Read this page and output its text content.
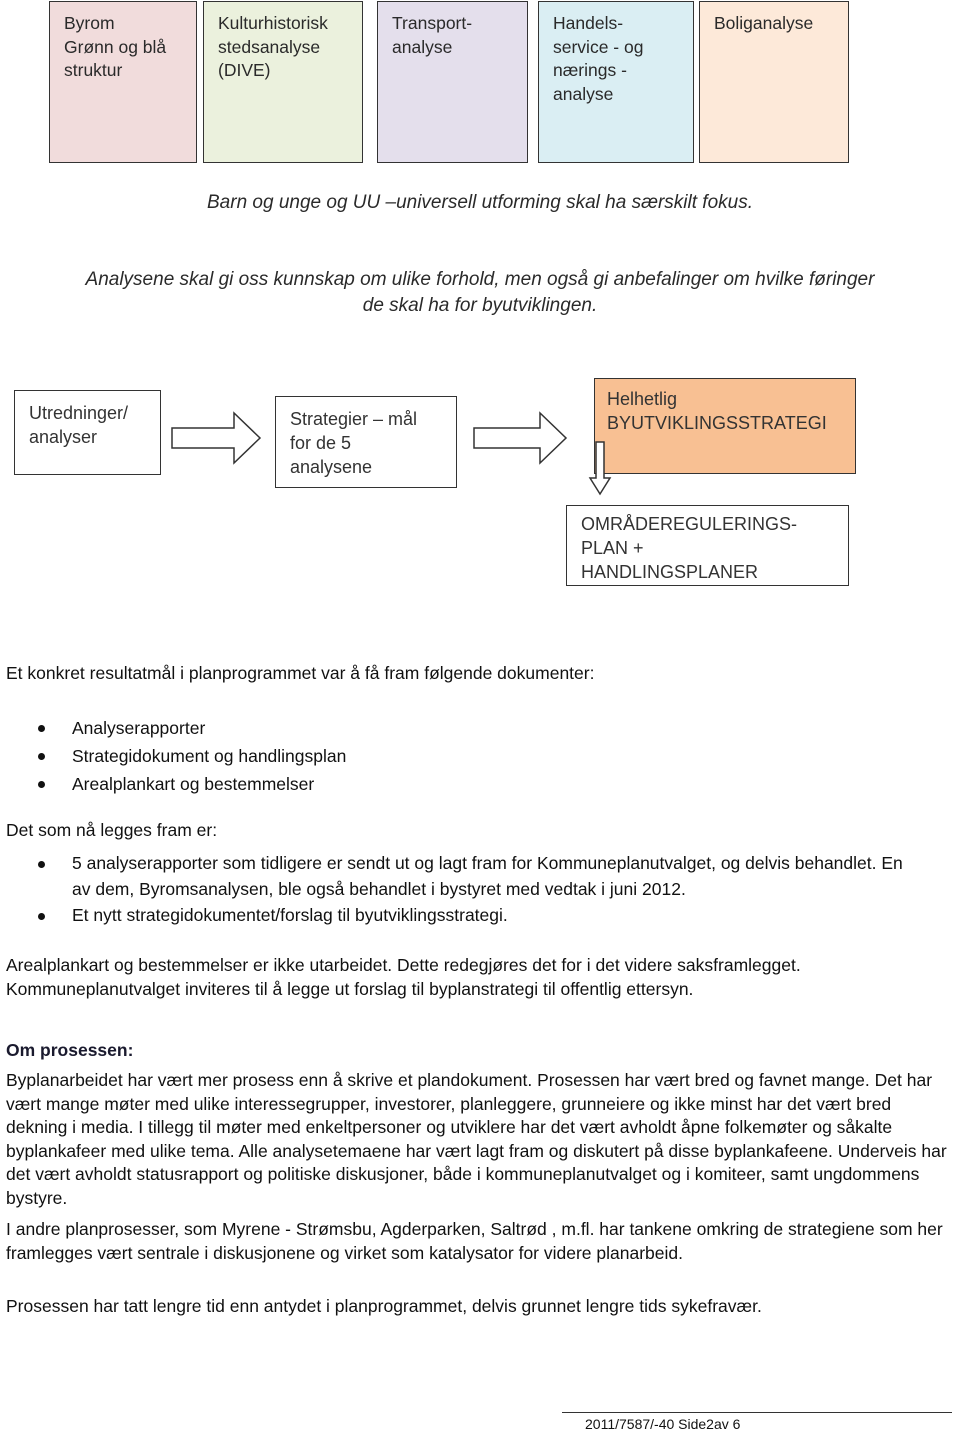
Byrom
Grønn og blå
struktur
Kulturhistorisk
stedsanalyse
(DIVE)
Transport-
analyse
Handels-
service - og
nærings -
analyse
Boliganalyse
Barn og unge og UU –universell utforming skal ha særskilt fokus.
Analysene skal gi oss kunnskap om ulike forhold, men også gi anbefalinger om hvilke føringer
de skal ha for byutviklingen.
Utredninger/
analyser
Strategier – mål
for de 5
analysene
Helhetlig
BYUTVIKLINGSSTRATEGI
OMRÅDEREGULERINGS-
PLAN +
HANDLINGSPLANER
Et konkret resultatmål i planprogrammet var å få fram følgende dokumenter:
Analyserapporter
Strategidokument og handlingsplan
Arealplankart og bestemmelser
Det som nå legges fram er:
5 analyserapporter som tidligere er sendt ut og lagt fram for Kommuneplanutvalget, og delvis behandlet. En av dem, Byromsanalysen, ble også behandlet i bystyret med vedtak i juni 2012.
Et nytt strategidokumentet/forslag til byutviklingsstrategi.
Arealplankart og bestemmelser er ikke utarbeidet. Dette redegjøres det for i det videre saksframlegget. Kommuneplanutvalget inviteres til å legge ut forslag til byplanstrategi til offentlig ettersyn.
Om prosessen:
Byplanarbeidet har vært mer prosess enn å skrive et plandokument. Prosessen har vært bred og favnet mange. Det har vært mange møter med ulike interessegrupper, investorer, planleggere, grunneiere og ikke minst har det vært bred dekning i media. I tillegg til møter med enkeltpersoner og utviklere har det vært avholdt åpne folkemøter og såkalte byplankafeer med ulike tema. Alle analysetemaene har vært lagt fram og diskutert på disse byplankafeene. Underveis har det vært avholdt statusrapport og politiske diskusjoner, både i kommuneplanutvalget og i komiteer, samt ungdommens bystyre.
I andre planprosesser, som Myrene - Strømsbu, Agderparken, Saltrød , m.fl. har tankene omkring de strategiene som her framlegges vært sentrale i diskusjonene og virket som katalysator for videre planarbeid.
Prosessen har tatt lengre tid enn antydet i planprogrammet, delvis grunnet lengre tids sykefravær.
2011/7587/-40 Side2av 6
